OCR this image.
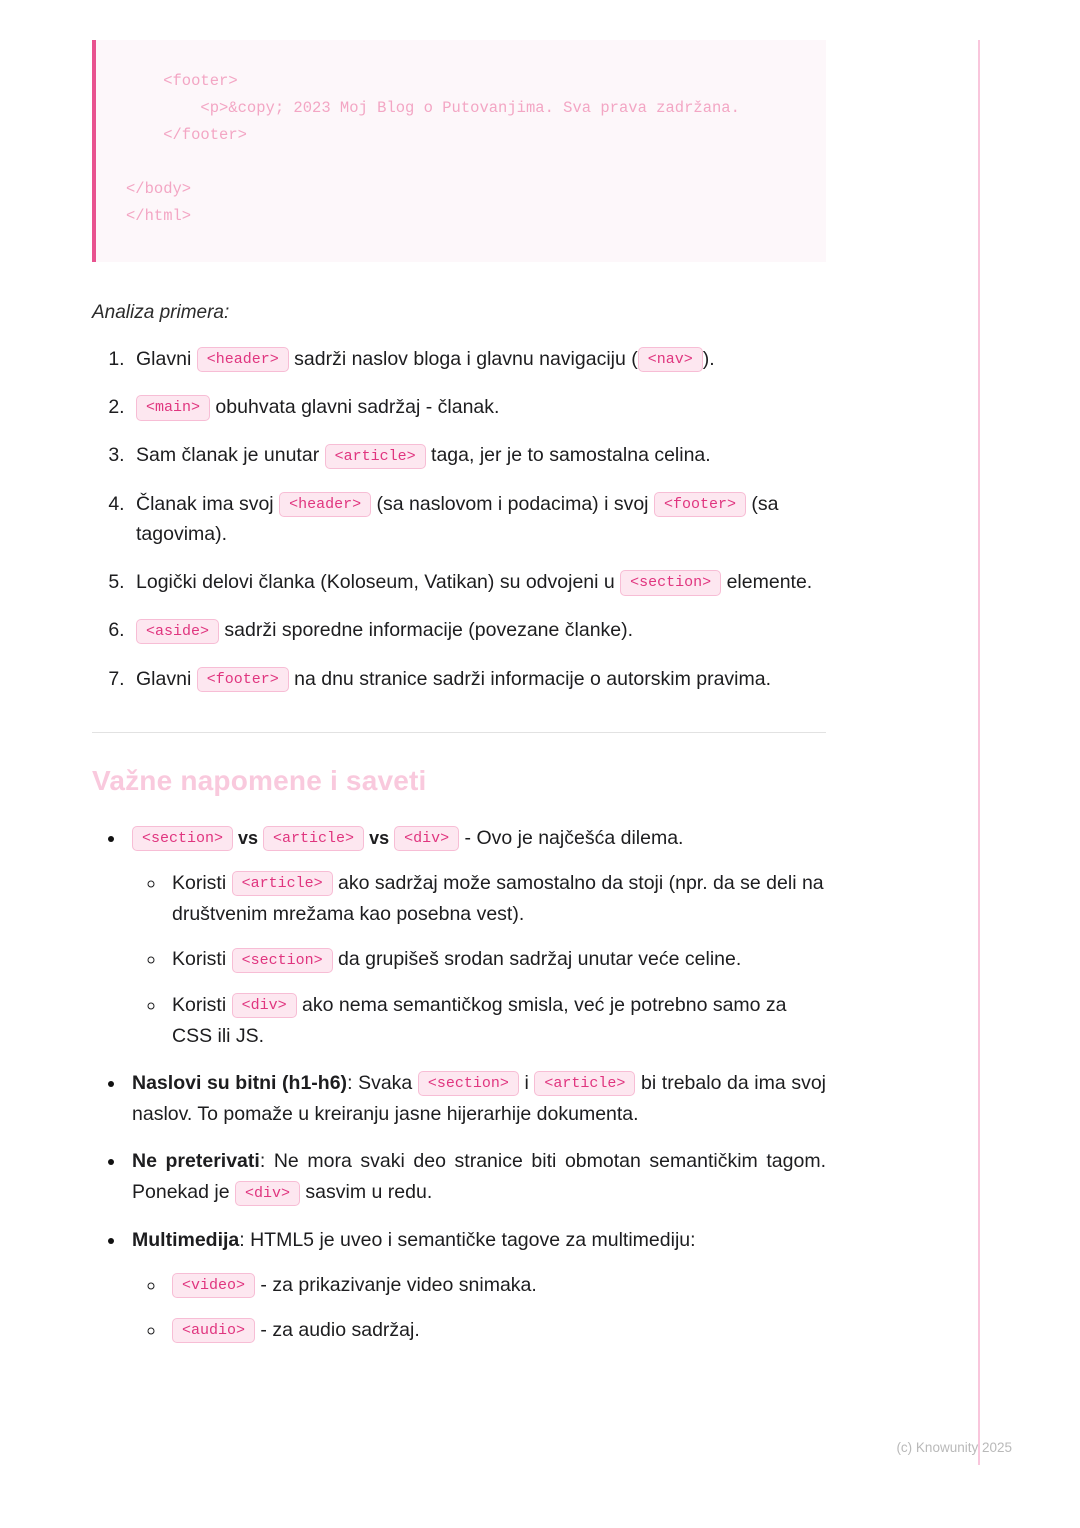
<footer>
<p>&copy; 2023 Moj Blog o Putovanjima. Sva prava zadržana.
</footer>

</body>
</html>
Analiza primera:
1. Glavni <header> sadrži naslov bloga i glavnu navigaciju ( <nav> ).
2. <main> obuhvata glavni sadržaj - članak.
3. Sam članak je unutar <article> taga, jer je to samostalna celina.
4. Članak ima svoj <header> (sa naslovom i podacima) i svoj <footer> (sa tagovima).
5. Logički delovi članka (Koloseum, Vatikan) su odvojeni u <section> elemente.
6. <aside> sadrži sporedne informacije (povezane članke).
7. Glavni <footer> na dnu stranice sadrži informacije o autorskim pravima.
Važne napomene i saveti
• <section> vs <article> vs <div> - Ovo je najčešća dilema.
◦ Koristi <article> ako sadržaj može samostalno da stoji (npr. da se deli na društvenim mrežama kao posebna vest).
◦ Koristi <section> da grupišeš srodan sadržaj unutar veće celine.
◦ Koristi <div> ako nema semantičkog smisla, već je potrebno samo za CSS ili JS.
• Naslovi su bitni (h1-h6): Svaka <section> i <article> bi trebalo da ima svoj naslov. To pomaže u kreiranju jasne hijerarhije dokumenta.
• Ne preterivati: Ne mora svaki deo stranice biti obmotan semantičkim tagom. Ponekad je <div> sasvim u redu.
• Multimedija: HTML5 je uveo i semantičke tagove za multimediju:
◦ <video> - za prikazivanje video snimaka.
◦ <audio> - za audio sadržaj.
(c) Knowunity 2025
